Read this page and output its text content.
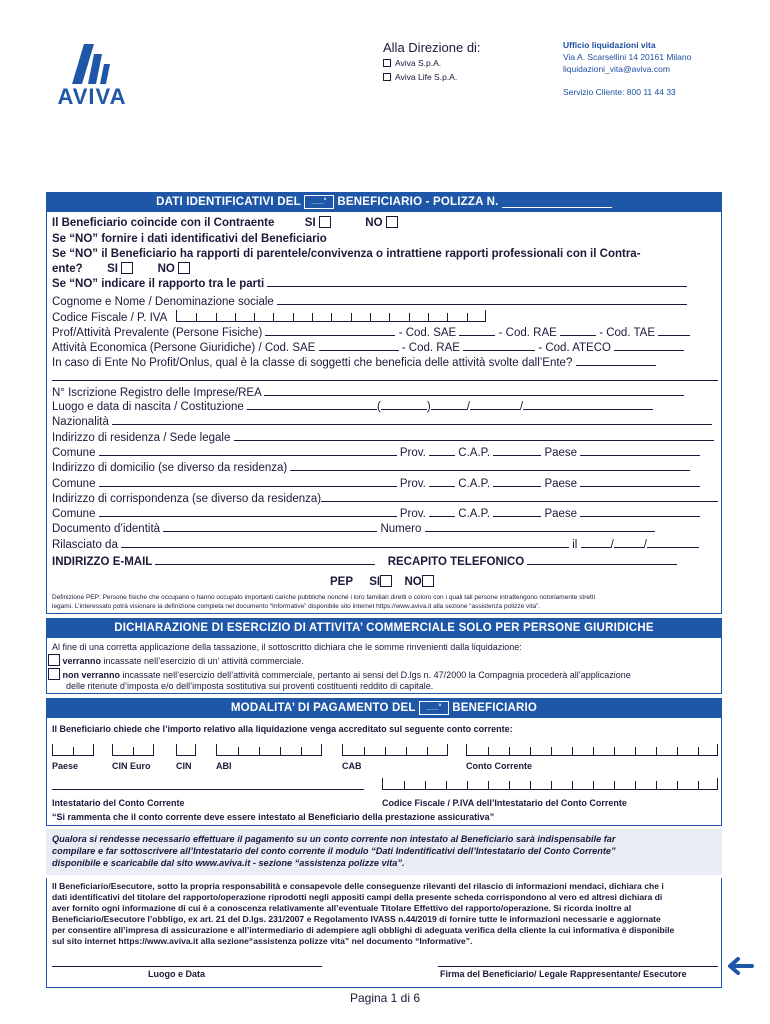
AVIVA
Alla Direzione di:
Aviva S.p.A.
Aviva Life S.p.A.
Ufficio liquidazioni vita
Via A. Scarsellini 14 20161 Milano
liquidazioni_vita@aviva.com
Servizio Cliente: 800 11 44 33
DATI IDENTIFICATIVI DEL ___° BENEFICIARIO - POLIZZA N.
Il Beneficiario coincide con il Contraente	SI	NO
Se “NO” fornire i dati identificativi del Beneficiario
Se “NO” il Beneficiario ha rapporti di parentele/convivenza o intrattiene rapporti professionali con il Contra-
ente? SI	NO
Se “NO” indicare il rapporto tra le parti
Cognome e Nome / Denominazione sociale
Codice Fiscale / P. IVA
Prof/Attività Prevalente (Persone Fisiche)	- Cod. SAE	- Cod. RAE	- Cod. TAE
Attività Economica (Persone Giuridiche) / Cod. SAE	- Cod. RAE	- Cod. ATECO
In caso di Ente No Profit/Onlus, qual è la classe di soggetti che beneficia delle attività svolte dall’Ente?
N° Iscrizione Registro delle Imprese/REA
Luogo e data di nascita / Costituzione	(	)	/	/
Nazionalità
Indirizzo di residenza / Sede legale
Comune	Prov.	C.A.P.	Paese
Indirizzo di domicilio (se diverso da residenza)
Comune	Prov.	C.A.P.	Paese
Indirizzo di corrispondenza (se diverso da residenza)
Comune	Prov.	C.A.P.	Paese
Documento d’identità	Numero
Rilasciato da	il	/	/
INDIRIZZO E-MAIL	RECAPITO TELEFONICO
PEP SI NO
Definizione PEP: Persone fisiche che occupano o hanno occupato importanti cariche pubbliche nonché i loro familiari diretti o coloro con i quali tali persone intrattengono notoriamente stretti
legami. L’interessato potrà visionare la definizione completa nel documento “Informative” disponibile sito internet https://www.aviva.it alla sezione “assistenza polizze vita”.
DICHIARAZIONE DI ESERCIZIO DI ATTIVITA’ COMMERCIALE SOLO PER PERSONE GIURIDICHE
Al fine di una corretta applicazione della tassazione, il sottoscritto dichiara che le somme rinvenienti dalla liquidazione:
verranno incassate nell’esercizio di un’ attività commerciale.
non verranno incassate nell’esercizio dell’attività commerciale, pertanto ai sensi del D.lgs n. 47/2000 la Compagnia procederà all’applicazione
delle ritenute d’imposta e/o dell’imposta sostitutiva sui proventi costituenti reddito di capitale.
MODALITA’ DI PAGAMENTO DEL ___° BENEFICIARIO
Il Beneficiario chiede che l’importo relativo alla liquidazione venga accreditato sul seguente conto corrente:
Paese	CIN Euro	CIN	ABI	CAB	Conto Corrente
Intestatario del Conto Corrente	Codice Fiscale / P.IVA dell’Intestatario del Conto Corrente
“Si rammenta che il conto corrente deve essere intestato al Beneficiario della prestazione assicurativa”
Qualora si rendesse necessario effettuare il pagamento su un conto corrente non intestato al Beneficiario sarà indispensabile far
compilare e far sottoscrivere all’Intestatario del conto corrente il modulo “Dati Indentificativi dell’Intestatario del Conto Corrente”
disponibile e scaricabile dal sito www.aviva.it - sezione “assistenza polizze vita”.
Il Beneficiario/Esecutore, sotto la propria responsabilità e consapevole delle conseguenze rilevanti del rilascio di informazioni mendaci, dichiara che i
dati identificativi del titolare del rapporto/operazione riprodotti negli appositi campi della presente scheda corrispondono al vero ed altresì dichiara di
aver fornito ogni informazione di cui è a conoscenza relativamente all’eventuale Titolare Effettivo del rapporto/operazione. Si ricorda inoltre al
Beneficiario/Esecutore l’obbligo, ex art. 21 del D.lgs. 231/2007 e Regolamento IVASS n.44/2019 di fornire tutte le informazioni necessarie e aggiornate
per consentire all’impresa di assicurazione e all’intermediario di adempiere agli obblighi di adeguata verifica della cliente la cui informativa è disponibile
sul sito internet https://www.aviva.it alla sezione“assistenza polizze vita” nel documento “Informative”.
Luogo e Data	Firma del Beneficiario/ Legale Rappresentante/ Esecutore
Pagina 1 di 6
